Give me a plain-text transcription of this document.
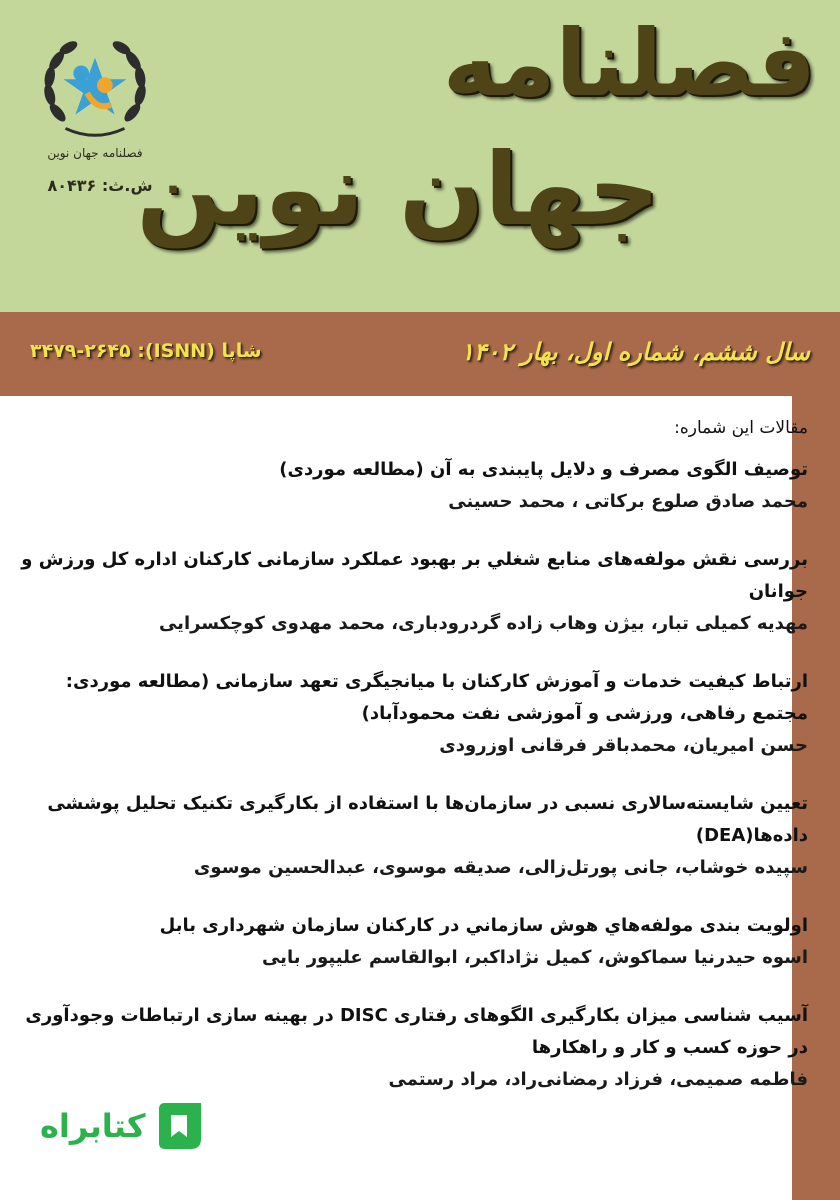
فصلنامه جهان نوین
ش.ث: ۸۰۴۳۶
فصلنامه
جهان نوین
سال ششم، شماره اول، بهار ۱۴۰۲
شاپا (ISNN): ۳۴۷۹-۲۶۴۵

مقالات این شماره:

توصیف الگوی مصرف و دلایل پایبندی به آن (مطالعه موردی)

محمد صادق صلوع برکاتی ، محمد حسینی

بررسی نقش مولفه‌های منابع شغلي بر بهبود عملکرد سازمانی کارکنان اداره کل ورزش و جوانان

مهدیه کمیلی تبار، بیژن وهاب زاده گردرودباری، محمد مهدوی کوچکسرایی

ارتباط کیفیت خدمات و آموزش کارکنان با میانجیگری تعهد سازمانی (مطالعه موردی: مجتمع رفاهی، ورزشی و آموزشی نفت محمودآباد)

حسن امیریان، محمدباقر فرقانی اوزرودی

تعیین شایسته‌سالاری نسبی در سازمان‌ها با استفاده از بکارگیری تکنیک تحلیل پوششی داده‌ها(DEA)

سپیده خوشاب، جانی پورتل‌زالی، صدیقه موسوی، عبدالحسین موسوی

اولویت بندی مولفه‌هاي هوش سازماني در کارکنان سازمان شهرداری بابل

اسوه حیدرنیا سماکوش، کمیل نژاداکبر، ابوالقاسم علیپور بایی

آسیب شناسی میزان بکارگیری الگوهای رفتاری DISC در بهینه سازی ارتباطات وجودآوری در حوزه کسب و کار و راهکارها

فاطمه صمیمی، فرزاد رمضانی‌راد، مراد رستمی

کتابراه
